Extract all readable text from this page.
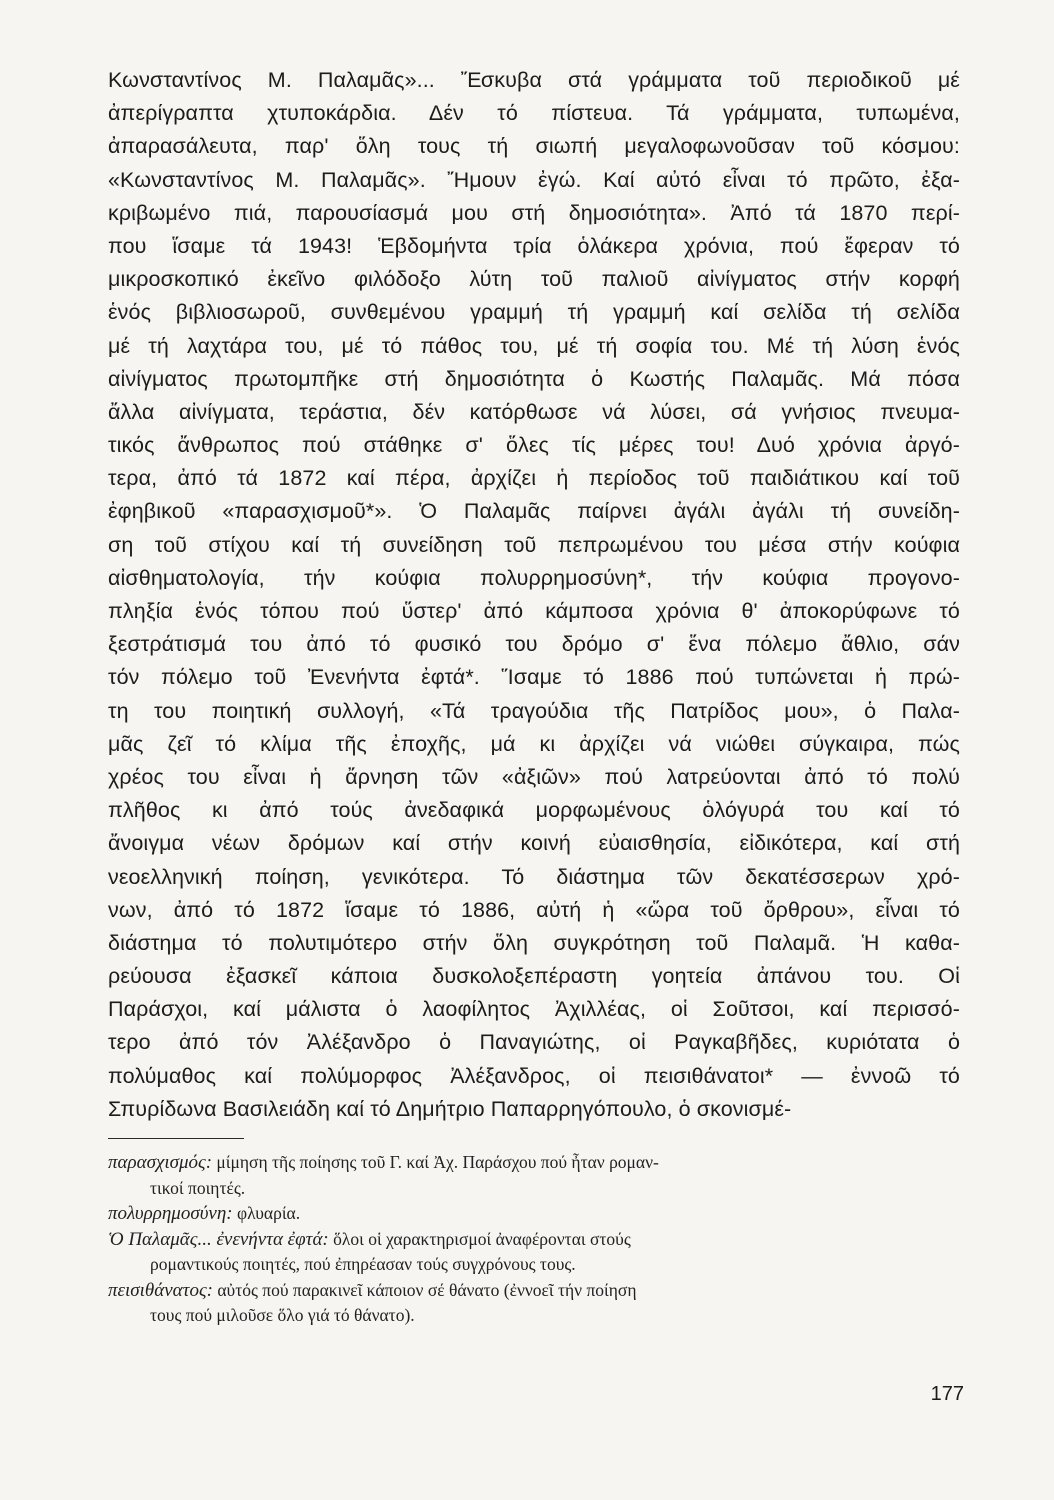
Κωνσταντίνος Μ. Παλαμᾶς»... Ἔσκυβα στά γράμματα τοῦ περιοδικοῦ μέ
ἀπερίγραπτα χτυποκάρδια. Δέν τό πίστευα. Τά γράμματα, τυπωμένα,
ἀπαρασάλευτα, παρ' ὅλη τους τή σιωπή μεγαλοφωνοῦσαν τοῦ κόσμου:
«Κωνσταντίνος Μ. Παλαμᾶς». Ἤμουν ἐγώ. Καί αὐτό εἶναι τό πρῶτο, ἐξα-
κριβωμένο πιά, παρουσίασμά μου στή δημοσιότητα». Ἀπό τά 1870 περί-
που ἵσαμε τά 1943! Ἑβδομήντα τρία ὁλάκερα χρόνια, πού ἔφεραν τό
μικροσκοπικό ἐκεῖνο φιλόδοξο λύτη τοῦ παλιοῦ αἰνίγματος στήν κορφή
ἑνός βιβλιοσωροῦ, συνθεμένου γραμμή τή γραμμή καί σελίδα τή σελίδα
μέ τή λαχτάρα του, μέ τό πάθος του, μέ τή σοφία του. Μέ τή λύση ἑνός
αἰνίγματος πρωτομπῆκε στή δημοσιότητα ὁ Κωστής Παλαμᾶς. Μά πόσα
ἄλλα αἰνίγματα, τεράστια, δέν κατόρθωσε νά λύσει, σά γνήσιος πνευμα-
τικός ἄνθρωπος πού στάθηκε σ' ὅλες τίς μέρες του! Δυό χρόνια ἀργό-
τερα, ἀπό τά 1872 καί πέρα, ἀρχίζει ἡ περίοδος τοῦ παιδιάτικου καί τοῦ
ἐφηβικοῦ «παρασχισμοῦ*». Ὁ Παλαμᾶς παίρνει ἀγάλι ἀγάλι τή συνείδη-
ση τοῦ στίχου καί τή συνείδηση τοῦ πεπρωμένου του μέσα στήν κούφια
αἰσθηματολογία, τήν κούφια πολυρρημοσύνη*, τήν κούφια προγονο-
πληξία ἑνός τόπου πού ὕστερ' ἀπό κάμποσα χρόνια θ' ἀποκορύφωνε τό
ξεστράτισμά του ἀπό τό φυσικό του δρόμο σ' ἕνα πόλεμο ἄθλιο, σάν
τόν πόλεμο τοῦ Ἐνενήντα ἐφτά*. Ἵσαμε τό 1886 πού τυπώνεται ἡ πρώ-
τη του ποιητική συλλογή, «Τά τραγούδια τῆς Πατρίδος μου», ὁ Παλα-
μᾶς ζεῖ τό κλίμα τῆς ἐποχῆς, μά κι ἀρχίζει νά νιώθει σύγκαιρα, πώς
χρέος του εἶναι ἡ ἄρνηση τῶν «ἀξιῶν» πού λατρεύονται ἀπό τό πολύ
πλῆθος κι ἀπό τούς ἀνεδαφικά μορφωμένους ὁλόγυρά του καί τό
ἄνοιγμα νέων δρόμων καί στήν κοινή εὐαισθησία, εἰδικότερα, καί στή
νεοελληνική ποίηση, γενικότερα. Τό διάστημα τῶν δεκατέσσερων χρό-
νων, ἀπό τό 1872 ἵσαμε τό 1886, αὐτή ἡ «ὥρα τοῦ ὄρθρου», εἶναι τό
διάστημα τό πολυτιμότερο στήν ὅλη συγκρότηση τοῦ Παλαμᾶ. Ἡ καθα-
ρεύουσα ἐξασκεῖ κάποια δυσκολοξεπέραστη γοητεία ἀπάνου του. Οἱ
Παράσχοι, καί μάλιστα ὁ λαοφίλητος Ἀχιλλέας, οἱ Σοῦτσοι, καί περισσό-
τερο ἀπό τόν Ἀλέξανδρο ὁ Παναγιώτης, οἱ Ραγκαβῆδες, κυριότατα ὁ
πολύμαθος καί πολύμορφος Ἀλέξανδρος, οἱ πεισιθάνατοι* — ἐννοῶ τό
Σπυρίδωνα Βασιλειάδη καί τό Δημήτριο Παπαρρηγόπουλο, ὁ σκονισμέ-
παρασχισμός: μίμηση τῆς ποίησης τοῦ Γ. καί Ἀχ. Παράσχου πού ἦταν ρομαν-
τικοί ποιητές.
πολυρρημοσύνη: φλυαρία.
Ὁ Παλαμᾶς... ἐνενήντα ἐφτά: ὅλοι οἱ χαρακτηρισμοί ἀναφέρονται στούς
ρομαντικούς ποιητές, πού ἐπηρέασαν τούς συγχρόνους τους.
πεισιθάνατος: αὐτός πού παρακινεῖ κάποιον σέ θάνατο (ἐννοεῖ τήν ποίηση
τους πού μιλοῦσε ὅλο γιά τό θάνατο).
177
